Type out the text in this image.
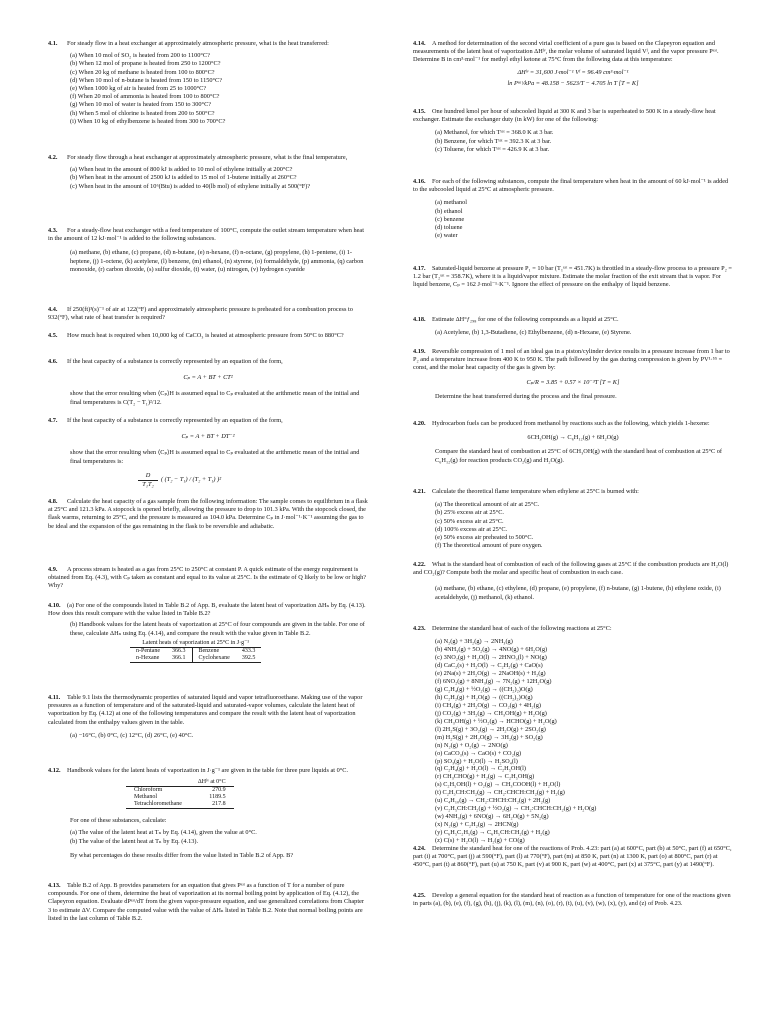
4.1. For steady flow in a heat exchanger at approximately atmospheric pressure, what is the heat transferred:
(a) When 10 mol of SO₂ is heated from 200 to 1100°C?
(b) When 12 mol of propane is heated from 250 to 1200°C?
(c) When 20 kg of methane is heated from 100 to 800°C?
(d) When 10 mol of n-butane is heated from 150 to 1150°C?
(e) When 1000 kg of air is heated from 25 to 1000°C?
(f) When 20 mol of ammonia is heated from 100 to 800°C?
(g) When 10 mol of water is heated from 150 to 300°C?
(h) When 5 mol of chlorine is heated from 200 to 500°C?
(i) When 10 kg of ethylbenzene is heated from 300 to 700°C?
4.2. For steady flow through a heat exchanger at approximately atmospheric pressure, what is the final temperature,
(a) When heat in the amount of 800 kJ is added to 10 mol of ethylene initially at 200°C?
(b) When heat in the amount of 2500 kJ is added to 15 mol of 1-butene initially at 260°C?
(c) When heat in the amount of 10⁶(Btu) is added to 40(lb mol) of ethylene initially at 500(°F)?
4.3. For a steady-flow heat exchanger with a feed temperature of 100°C, compute the outlet stream temperature when heat in the amount of 12 kJ·mol⁻¹ is added to the following substances.
(a) methane, (b) ethane, (c) propane, (d) n-butane, (e) n-hexane, (f) n-octane, (g) propylene, (h) 1-pentene, (i) 1-heptene, (j) 1-octene, (k) acetylene, (l) benzene, (m) ethanol, (n) styrene, (o) formaldehyde, (p) ammonia, (q) carbon monoxide, (r) carbon dioxide, (s) sulfur dioxide, (t) water, (u) nitrogen, (v) hydrogen cyanide
4.4. If 250(ft)³(s)⁻¹ of air at 122(°F) and approximately atmospheric pressure is preheated for a combustion process to 932(°F), what rate of heat transfer is required?
4.5. How much heat is required when 10,000 kg of CaCO₃ is heated at atmospheric pressure from 50°C to 880°C?
4.6. If the heat capacity of a substance is correctly represented by an equation of the form,
Cₚ = A + BT + CT²
show that the error resulting when ⟨Cₚ⟩H is assumed equal to Cₚ evaluated at the arithmetic mean of the initial and final temperatures is C(T₂ − T₁)²/12.
4.7. If the heat capacity of a substance is correctly represented by an equation of the form,
Cₚ = A + BT + DT⁻²
show that the error resulting when ⟨Cₚ⟩H is assumed equal to Cₚ evaluated at the arithmetic mean of the initial and final temperatures is:
$\frac{D}{\text{T₁T₂}}$ ( (T₂ − T₁) / (T₂ + T₁) )²
4.8. Calculate the heat capacity of a gas sample from the following information: The sample comes to equilibrium in a flask at 25°C and 121.3 kPa. A stopcock is opened briefly, allowing the pressure to drop to 101.3 kPa. With the stopcock closed, the flask warms, returning to 25°C, and the pressure is measured as 104.0 kPa. Determine Cₚ in J·mol⁻¹·K⁻¹ assuming the gas to be ideal and the expansion of the gas remaining in the flask to be reversible and adiabatic.
4.9. A process stream is heated as a gas from 25°C to 250°C at constant P. A quick estimate of the energy requirement is obtained from Eq. (4.3), with Cₚ taken as constant and equal to its value at 25°C. Is the estimate of Q likely to be low or high? Why?
4.10. (a) For one of the compounds listed in Table B.2 of App. B, evaluate the latent heat of vaporization ΔHₙ by Eq. (4.13). How does this result compare with the value listed in Table B.2?
(b) Handbook values for the latent heats of vaporization at 25°C of four compounds are given in the table. For one of these, calculate ΔHₙ using Eq. (4.14), and compare the result with the value given in Table B.2.
Latent heats of vaporization at 25°C in J·g⁻¹			
n-Pentane	366.3	Benzene	433.3
n-Hexane	366.1	Cyclohexane	392.5
4.11. Table 9.1 lists the thermodynamic properties of saturated liquid and vapor tetrafluoroethane. Making use of the vapor pressures as a function of temperature and of the saturated-liquid and saturated-vapor volumes, calculate the latent heat of vaporization by Eq. (4.12) at one of the following temperatures and compare the result with the latent heat of vaporization calculated from the enthalpy values given in the table.
(a) −16°C, (b) 0°C, (c) 12°C, (d) 26°C, (e) 40°C.
4.12. Handbook values for the latent heats of vaporization in J·g⁻¹ are given in the table for three pure liquids at 0°C.
	ΔHˡᵛ at 0°C
Chloroform	270.9
Methanol	1189.5
Tetrachloromethane	217.8
For one of these substances, calculate:
(a) The value of the latent heat at Tₙ by Eq. (4.14), given the value at 0°C.
(b) The value of the latent heat at Tₙ by Eq. (4.13).
By what percentages do these results differ from the value listed in Table B.2 of App. B?
4.13. Table B.2 of App. B provides parameters for an equation that gives Pˢᵃᵗ as a function of T for a number of pure compounds. For one of them, determine the heat of vaporization at its normal boiling point by application of Eq. (4.12), the Clapeyron equation. Evaluate dPˢᵃᵗ/dT from the given vapor-pressure equation, and use generalized correlations from Chapter 3 to estimate ΔV. Compare the computed value with the value of ΔHₙ listed in Table B.2. Note that normal boiling points are listed in the last column of Table B.2.
4.14. A method for determination of the second virial coefficient of a pure gas is based on the Clapeyron equation and measurements of the latent heat of vaporization ΔHˡᵛ, the molar volume of saturated liquid Vˡ, and the vapor pressure Pˢᵃᵗ. Determine B in cm³·mol⁻¹ for methyl ethyl ketone at 75°C from the following data at this temperature:
ΔHˡᵛ = 31,600 J·mol⁻¹ Vˡ = 96.49 cm³·mol⁻¹
ln Pˢᵃᵗ/kPa = 48.158 − 5623/T − 4.705 ln T [T = K]
4.15. One hundred kmol per hour of subcooled liquid at 300 K and 3 bar is superheated to 500 K in a steady-flow heat exchanger. Estimate the exchanger duty (in kW) for one of the following:
(a) Methanol, for which Tˢᵃᵗ = 368.0 K at 3 bar.
(b) Benzene, for which Tˢᵃᵗ = 392.3 K at 3 bar.
(c) Toluene, for which Tˢᵃᵗ = 426.9 K at 3 bar.
4.16. For each of the following substances, compute the final temperature when heat in the amount of 60 kJ·mol⁻¹ is added to the subcooled liquid at 25°C at atmospheric pressure.
(a) methanol
(b) ethanol
(c) benzene
(d) toluene
(e) water
4.17. Saturated-liquid benzene at pressure P₁ = 10 bar (T₁ˢᵃᵗ = 451.7K) is throttled in a steady-flow process to a pressure P₂ = 1.2 bar (T₂ˢᵃᵗ = 358.7K), where it is a liquid/vapor mixture. Estimate the molar fraction of the exit stream that is vapor. For liquid benzene, Cₚ = 162 J·mol⁻¹·K⁻¹. Ignore the effect of pressure on the enthalpy of liquid benzene.
4.18. Estimate ΔH°ƒ₂₉₈ for one of the following compounds as a liquid at 25°C.
(a) Acetylene, (b) 1,3-Butadiene, (c) Ethylbenzene, (d) n-Hexane, (e) Styrene.
4.19. Reversible compression of 1 mol of an ideal gas in a piston/cylinder device results in a pressure increase from 1 bar to P₂ and a temperature increase from 400 K to 950 K. The path followed by the gas during compression is given by PV¹·⁵⁵ = const, and the molar heat capacity of the gas is given by:
Cₚ/R = 3.85 + 0.57 × 10⁻³T [T = K]
Determine the heat transferred during the process and the final pressure.
4.20. Hydrocarbon fuels can be produced from methanol by reactions such as the following, which yields 1-hexene:
6CH₃OH(g) → C₆H₁₂(g) + 6H₂O(g)
Compare the standard heat of combustion at 25°C of 6CH₃OH(g) with the standard heat of combustion at 25°C of C₆H₁₂(g) for reaction products CO₂(g) and H₂O(g).
4.21. Calculate the theoretical flame temperature when ethylene at 25°C is burned with:
(a) The theoretical amount of air at 25°C.
(b) 25% excess air at 25°C.
(c) 50% excess air at 25°C.
(d) 100% excess air at 25°C.
(e) 50% excess air preheated to 500°C.
(f) The theoretical amount of pure oxygen.
4.22. What is the standard heat of combustion of each of the following gases at 25°C if the combustion products are H₂O(l) and CO₂(g)? Compute both the molar and specific heat of combustion in each case.
(a) methane, (b) ethane, (c) ethylene, (d) propane, (e) propylene, (f) n-butane, (g) 1-butene, (h) ethylene oxide, (i) acetaldehyde, (j) methanol, (k) ethanol.
4.23. Determine the standard heat of each of the following reactions at 25°C:
(a) N₂(g) + 3H₂(g) → 2NH₃(g)
(b) 4NH₃(g) + 5O₂(g) → 4NO(g) + 6H₂O(g)
(c) 3NO₂(g) + H₂O(l) → 2HNO₃(l) + NO(g)
(d) CaC₂(s) + H₂O(l) → C₂H₂(g) + CaO(s)
(e) 2Na(s) + 2H₂O(g) → 2NaOH(s) + H₂(g)
(f) 6NO₂(g) + 8NH₃(g) → 7N₂(g) + 12H₂O(g)
(g) C₂H₄(g) + ½O₂(g) → ((CH₂)₂)O(g)
(h) C₂H₂(g) + H₂O(g) → ((CH₂)₂)O(g)
(i) CH₄(g) + 2H₂O(g) → CO₂(g) + 4H₂(g)
(j) CO₂(g) + 3H₂(g) → CH₃OH(g) + H₂O(g)
(k) CH₃OH(g) + ½O₂(g) → HCHO(g) + H₂O(g)
(l) 2H₂S(g) + 3O₂(g) → 2H₂O(g) + 2SO₂(g)
(m) H₂S(g) + 2H₂O(g) → 3H₂(g) + SO₂(g)
(n) N₂(g) + O₂(g) → 2NO(g)
(o) CaCO₃(s) → CaO(s) + CO₂(g)
(p) SO₃(g) + H₂O(l) → H₂SO₄(l)
(q) C₂H₄(g) + H₂O(l) → C₂H₅OH(l)
(r) CH₃CHO(g) + H₂(g) → C₂H₅OH(g)
(s) C₂H₅OH(l) + O₂(g) → CH₃COOH(l) + H₂O(l)
(t) C₂H₅CH:CH₂(g) → CH₂:CHCH:CH₂(g) + H₂(g)
(u) C₄H₁₀(g) → CH₂:CHCH:CH₂(g) + 2H₂(g)
(v) C₂H₅CH:CH₂(g) + ½O₂(g) → CH₂:CHCH:CH₂(g) + H₂O(g)
(w) 4NH₃(g) + 6NO(g) → 6H₂O(g) + 5N₂(g)
(x) N₂(g) + C₂H₂(g) → 2HCN(g)
(y) C₆H₅C₂H₅(g) → C₆H₅CH:CH₂(g) + H₂(g)
(z) C(s) + H₂O(l) → H₂(g) + CO(g)
4.24. Determine the standard heat for one of the reactions of Prob. 4.23: part (a) at 600°C, part (b) at 50°C, part (f) at 650°C, part (i) at 700°C, part (j) at 590(°F), part (l) at 770(°F), part (m) at 850 K, part (n) at 1300 K, part (o) at 800°C, part (r) at 450°C, part (t) at 860(°F), part (u) at 750 K, part (v) at 900 K, part (w) at 400°C, part (x) at 375°C, part (y) at 1490(°F).
4.25. Develop a general equation for the standard heat of reaction as a function of temperature for one of the reactions given in parts (a), (b), (e), (f), (g), (h), (j), (k), (l), (m), (n), (o), (r), (t), (u), (v), (w), (x), (y), and (z) of Prob. 4.23.
